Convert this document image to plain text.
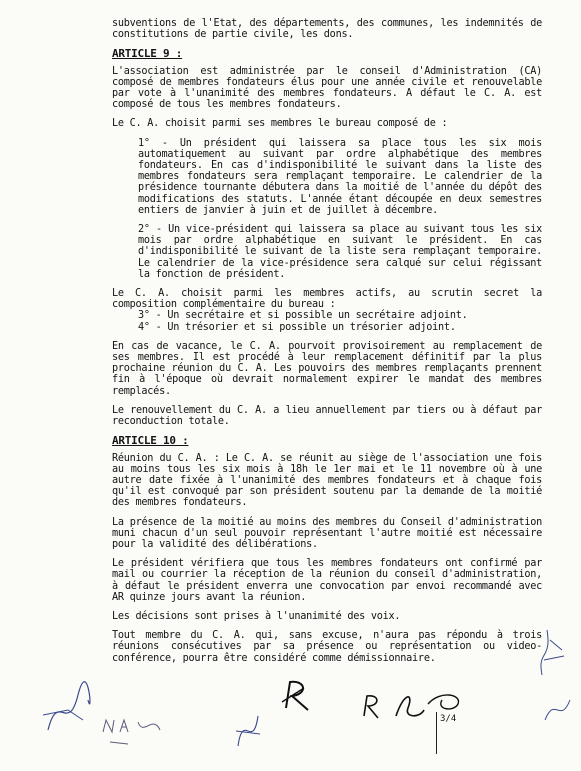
subventions de l'Etat, des départements, des communes, les indemnités de constitutions de partie civile, les dons.

ARTICLE 9 :

L'association est administrée par le conseil d'Administration (CA) composé de membres fondateurs élus pour une année civile et renouvelable par vote à l'unanimité des membres fondateurs. A défaut le C. A. est composé de tous les membres fondateurs.

Le C. A. choisit parmi ses membres le bureau composé de :

1° - Un président qui laissera sa place tous les six mois automatiquement au suivant par ordre alphabétique des membres fondateurs. En cas d'indisponibilité le suivant dans la liste des membres fondateurs sera remplaçant temporaire. Le calendrier de la présidence tournante débutera dans la moitié de l'année du dépôt des modifications des statuts. L'année étant découpée en deux semestres entiers de janvier à juin et de juillet à décembre.

2° - Un vice-président qui laissera sa place au suivant tous les six mois par ordre alphabétique en suivant le président. En cas d'indisponibilité le suivant de la liste sera remplaçant temporaire. Le calendrier de la vice-présidence sera calqué sur celui régissant la fonction de président.

Le C. A. choisit parmi les membres actifs, au scrutin secret la composition complémentaire du bureau :

3° - Un secrétaire et si possible un secrétaire adjoint.

4° - Un trésorier et si possible un trésorier adjoint.

En cas de vacance, le C. A. pourvoit provisoirement au remplacement de ses membres. Il est procédé à leur remplacement définitif par la plus prochaine réunion du C. A. Les pouvoirs des membres remplaçants prennent fin à l'époque où devrait normalement expirer le mandat des membres remplacés.

Le renouvellement du C. A. a lieu annuellement par tiers ou à défaut par reconduction totale.

ARTICLE 10 :

Réunion du C. A. : Le C. A. se réunit au siège de l'association une fois au moins tous les six mois à 18h le 1er mai et le 11 novembre où à une autre date fixée à l'unanimité des membres fondateurs et à chaque fois qu'il est convoqué par son président soutenu par la demande de la moitié des membres fondateurs.

La présence de la moitié au moins des membres du Conseil d'administration muni chacun d'un seul pouvoir représentant l'autre moitié est nécessaire pour la validité des délibérations.

Le président vérifiera que tous les membres fondateurs ont confirmé par mail ou courrier la réception de la réunion du conseil d'administration, à défaut le président enverra une convocation par envoi recommandé avec AR quinze jours avant la réunion.

Les décisions sont prises à l'unanimité des voix.

Tout membre du C. A. qui, sans excuse, n'aura pas répondu à trois réunions consécutives par sa présence ou représentation ou video-conférence, pourra être considéré comme démissionnaire.

3/4
